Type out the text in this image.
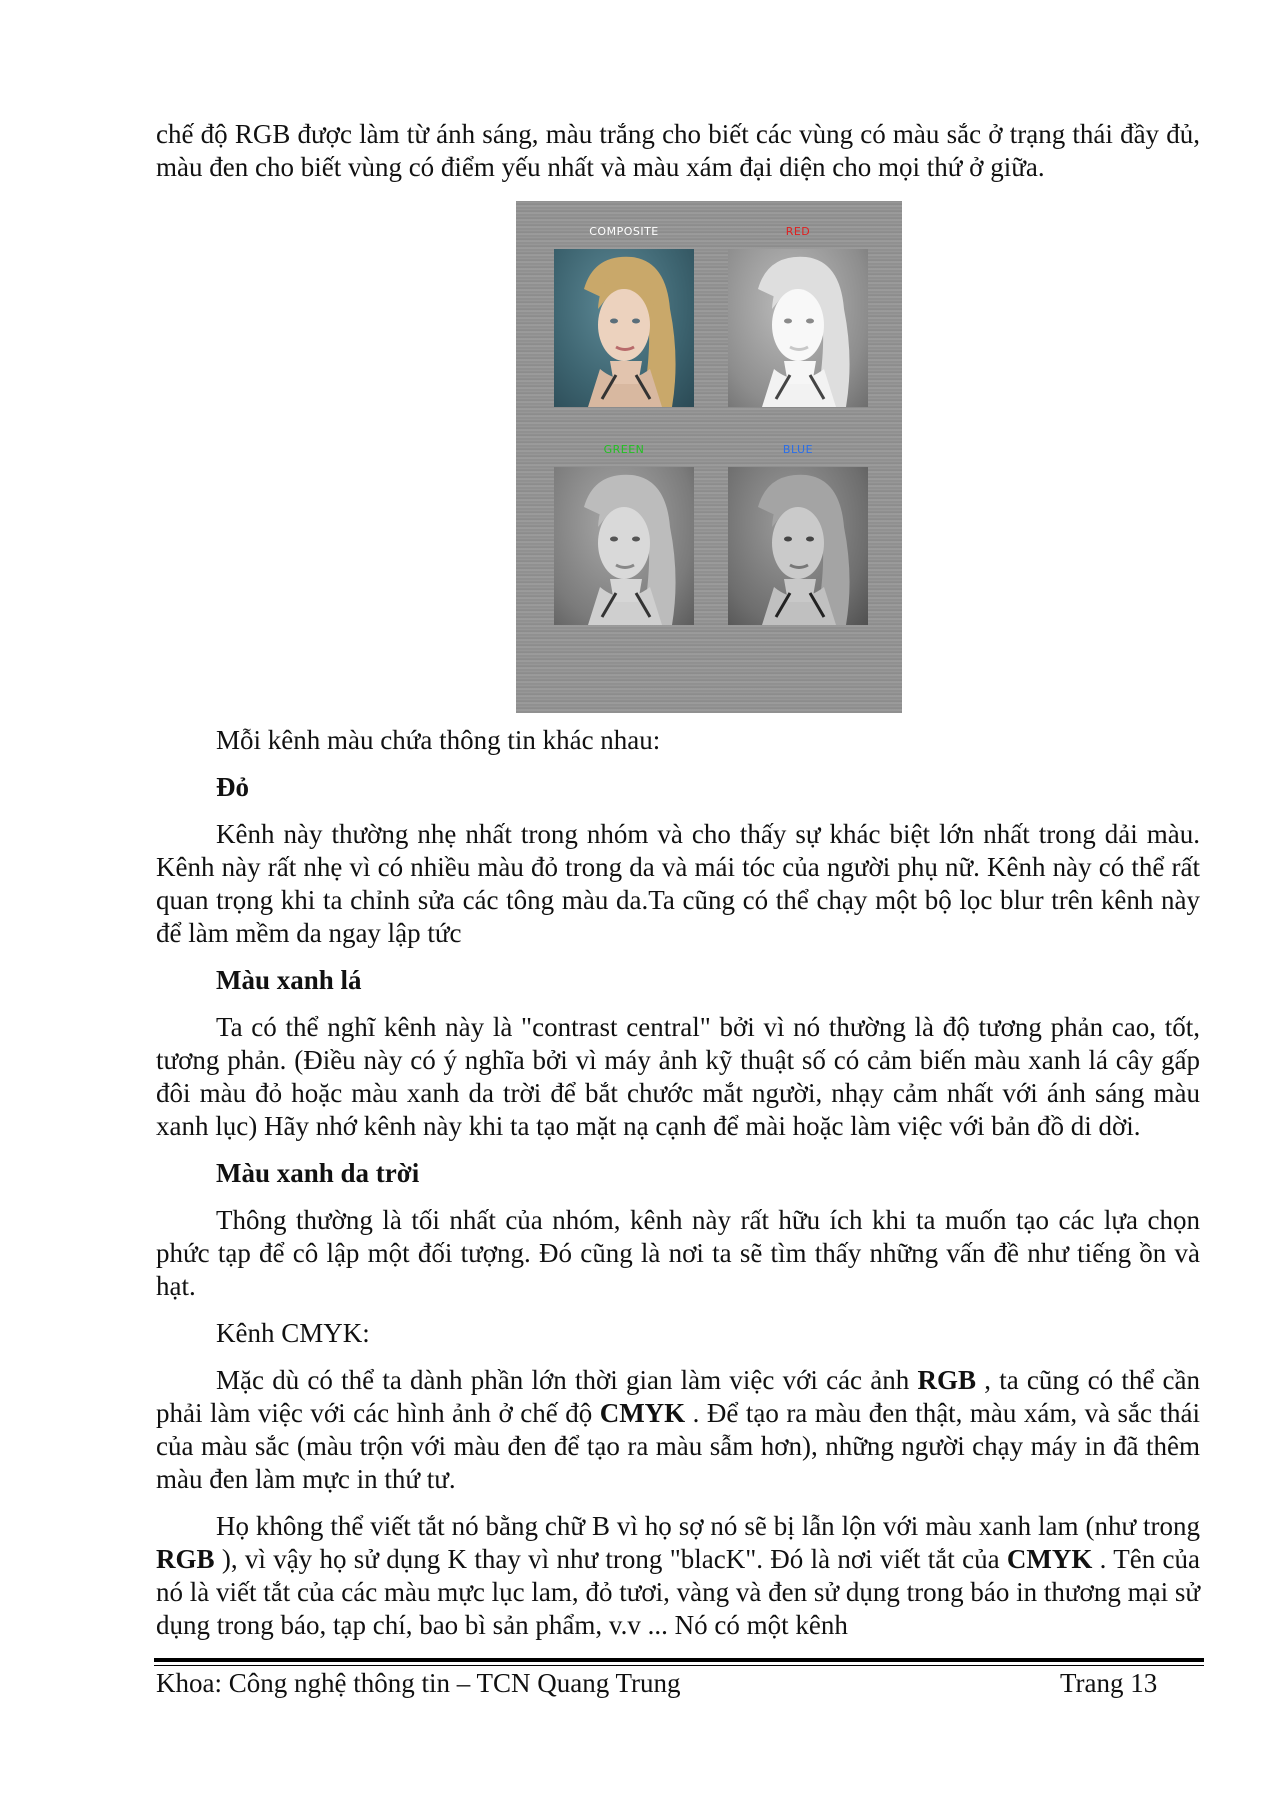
chế độ RGB được làm từ ánh sáng, màu trắng cho biết các vùng có màu sắc ở trạng thái đầy đủ, màu đen cho biết vùng có điểm yếu nhất và màu xám đại diện cho mọi thứ ở giữa.

COMPOSITE	RED
GREEN	BLUE

Mỗi kênh màu chứa thông tin khác nhau:

Đỏ

Kênh này thường nhẹ nhất trong nhóm và cho thấy sự khác biệt lớn nhất trong dải màu. Kênh này rất nhẹ vì có nhiều màu đỏ trong da và mái tóc của người phụ nữ. Kênh này có thể rất quan trọng khi ta chỉnh sửa các tông màu da.Ta cũng có thể chạy một bộ lọc blur trên kênh này để làm mềm da ngay lập tức

Màu xanh lá

Ta có thể nghĩ kênh này là "contrast central" bởi vì nó thường là độ tương phản cao, tốt, tương phản. (Điều này có ý nghĩa bởi vì máy ảnh kỹ thuật số có cảm biến màu xanh lá cây gấp đôi màu đỏ hoặc màu xanh da trời để bắt chước mắt người, nhạy cảm nhất với ánh sáng màu xanh lục) Hãy nhớ kênh này khi ta tạo mặt nạ cạnh để mài hoặc làm việc với bản đồ di dời.

Màu xanh da trời

Thông thường là tối nhất của nhóm, kênh này rất hữu ích khi ta muốn tạo các lựa chọn phức tạp để cô lập một đối tượng. Đó cũng là nơi ta sẽ tìm thấy những vấn đề như tiếng ồn và hạt.

Kênh CMYK:

Mặc dù có thể ta dành phần lớn thời gian làm việc với các ảnh RGB , ta cũng có thể cần phải làm việc với các hình ảnh ở chế độ CMYK . Để tạo ra màu đen thật, màu xám, và sắc thái của màu sắc (màu trộn với màu đen để tạo ra màu sẫm hơn), những người chạy máy in đã thêm màu đen làm mực in thứ tư.

Họ không thể viết tắt nó bằng chữ B vì họ sợ nó sẽ bị lẫn lộn với màu xanh lam (như trong RGB ), vì vậy họ sử dụng K thay vì như trong "blacK". Đó là nơi viết tắt của CMYK . Tên của nó là viết tắt của các màu mực lục lam, đỏ tươi, vàng và đen sử dụng trong báo in thương mại sử dụng trong báo, tạp chí, bao bì sản phẩm, v.v ... Nó có một kênh

Khoa: Công nghệ thông tin – TCN Quang Trung	Trang 13
